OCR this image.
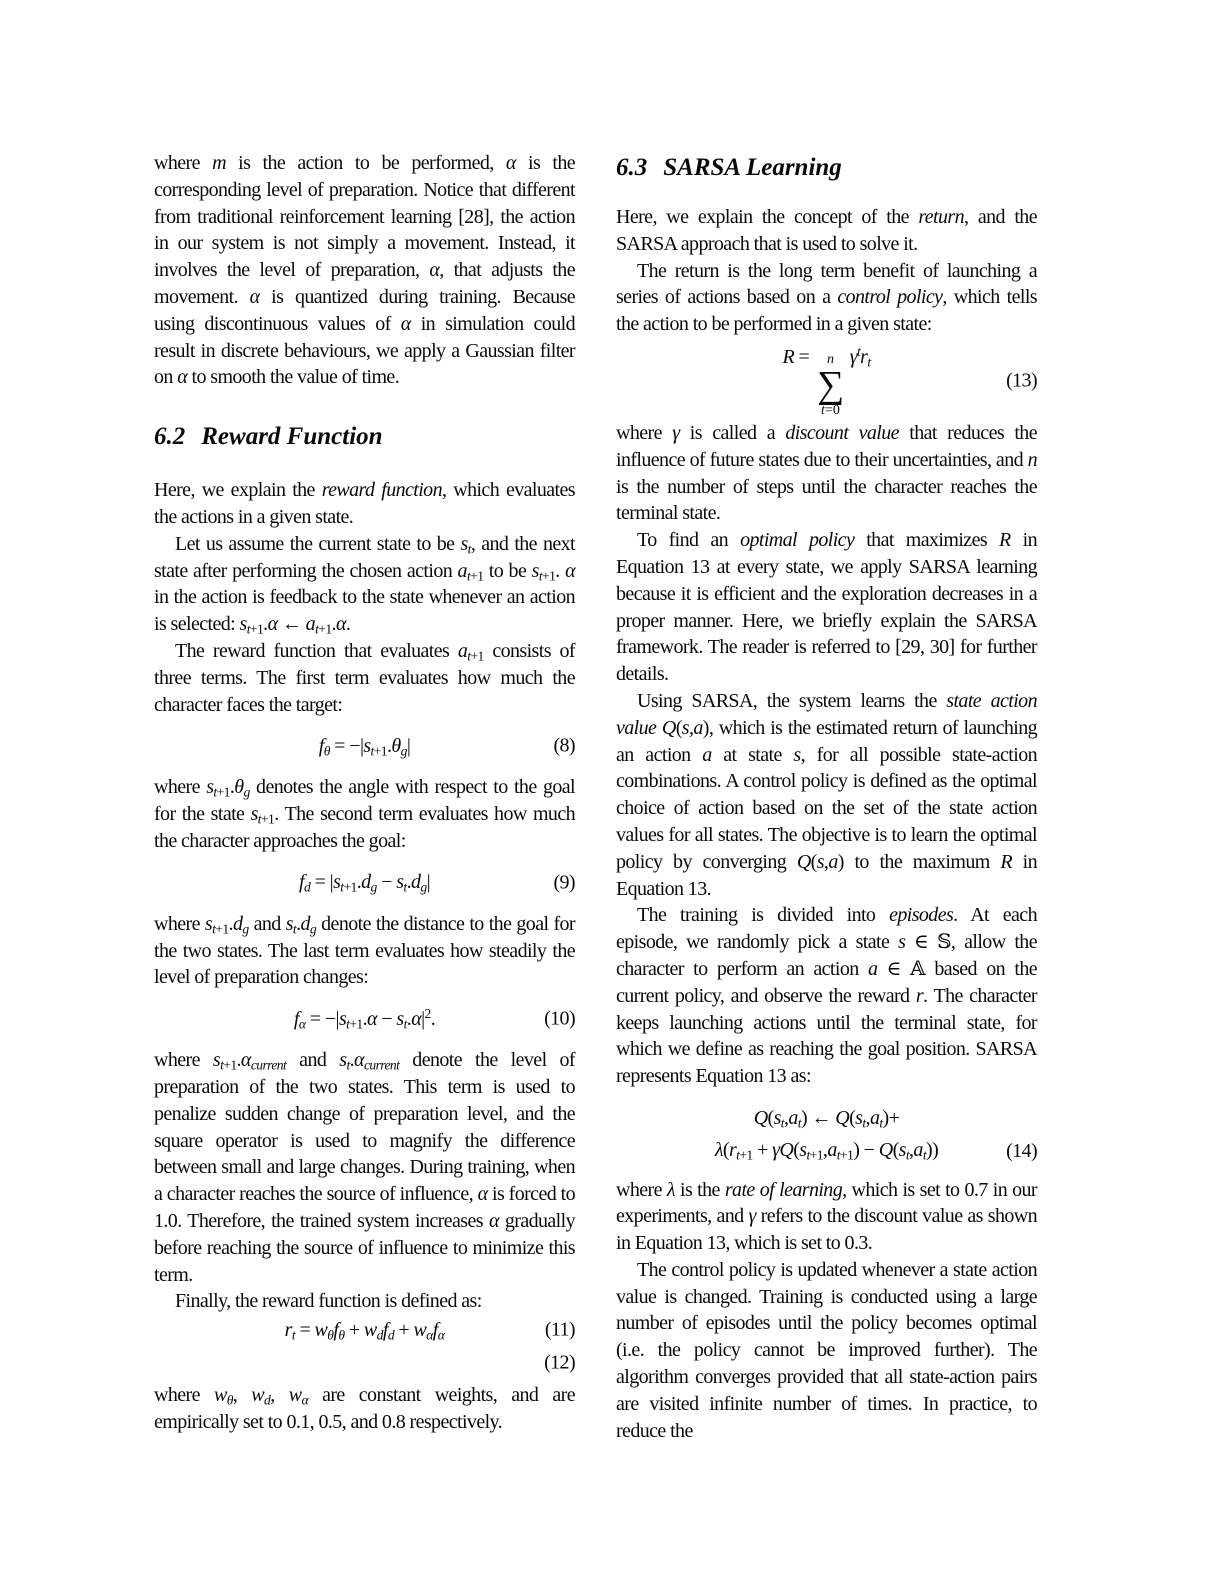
where m is the action to be performed, α is the corresponding level of preparation. Notice that different from traditional reinforcement learning [28], the action in our system is not simply a movement. Instead, it involves the level of preparation, α, that adjusts the movement. α is quantized during training. Because using discontinuous values of α in simulation could result in discrete behaviours, we apply a Gaussian filter on α to smooth the value of time.

6.2 Reward Function

Here, we explain the reward function, which evaluates the actions in a given state.

Let us assume the current state to be $s_t$, and the next state after performing the chosen action $a_{t+1}$ to be $s_{t+1}$. α in the action is feedback to the state whenever an action is selected: $s_{t+1}.\alpha$ ← $a_{t+1}.\alpha$.

The reward function that evaluates $a_{t+1}$ consists of three terms. The first term evaluates how much the character faces the target:

$f_\theta = -|s_{t+1}.\theta_g|$	(8)

where $s_{t+1}.\theta_g$ denotes the angle with respect to the goal for the state $s_{t+1}$. The second term evaluates how much the character approaches the goal:

$f_d = |s_{t+1}.d_g - s_t.d_g|$	(9)

where $s_{t+1}.d_g$ and $s_t.d_g$ denote the distance to the goal for the two states. The last term evaluates how steadily the level of preparation changes:

$f_\alpha = -|s_{t+1}.\alpha - s_t.\alpha|^2$.	(10)

where $s_{t+1}.\alpha_{current}$ and $s_t.\alpha_{current}$ denote the level of preparation of the two states. This term is used to penalize sudden change of preparation level, and the square operator is used to magnify the difference between small and large changes. During training, when a character reaches the source of influence, α is forced to 1.0. Therefore, the trained system increases α gradually before reaching the source of influence to minimize this term.

Finally, the reward function is defined as:

$r_t = w_\theta f_\theta + w_df_d + w_\alpha f_\alpha$	(11)
(12)

where $w_\theta$, $w_d$, $w_\alpha$ are constant weights, and are empirically set to 0.1, 0.5, and 0.8 respectively.

6.3 SARSA Learning

Here, we explain the concept of the return, and the SARSA approach that is used to solve it.

The return is the long term benefit of launching a series of actions based on a control policy, which tells the action to be performed in a given state:

R = n
∑
t=0
$\gamma^tr_t$
(13)

where γ is called a discount value that reduces the influence of future states due to their uncertainties, and n is the number of steps until the character reaches the terminal state.

To find an optimal policy that maximizes R in Equation 13 at every state, we apply SARSA learning because it is efficient and the exploration decreases in a proper manner. Here, we briefly explain the SARSA framework. The reader is referred to [29, 30] for further details.

Using SARSA, the system learns the state action value Q(s,a), which is the estimated return of launching an action a at state s, for all possible state-action combinations. A control policy is defined as the optimal choice of action based on the set of the state action values for all states. The objective is to learn the optimal policy by converging Q(s,a) to the maximum R in Equation 13.

The training is divided into episodes. At each episode, we randomly pick a state s ∈ 𝕊, allow the character to perform an action a ∈ 𝔸 based on the current policy, and observe the reward r. The character keeps launching actions until the terminal state, for which we define as reaching the goal position. SARSA represents Equation 13 as:

$Q(s_t,a_t)$ ← $Q(s_t,a_t)+$
$\lambda(r_{t+1} + \gamma Q(s_{t+1},a_{t+1}) - Q(s_t,a_t))$	(14)

where λ is the rate of learning, which is set to 0.7 in our experiments, and γ refers to the discount value as shown in Equation 13, which is set to 0.3.

The control policy is updated whenever a state action value is changed. Training is conducted using a large number of episodes until the policy becomes optimal (i.e. the policy cannot be improved further). The algorithm converges provided that all state-action pairs are visited infinite number of times. In practice, to reduce the
